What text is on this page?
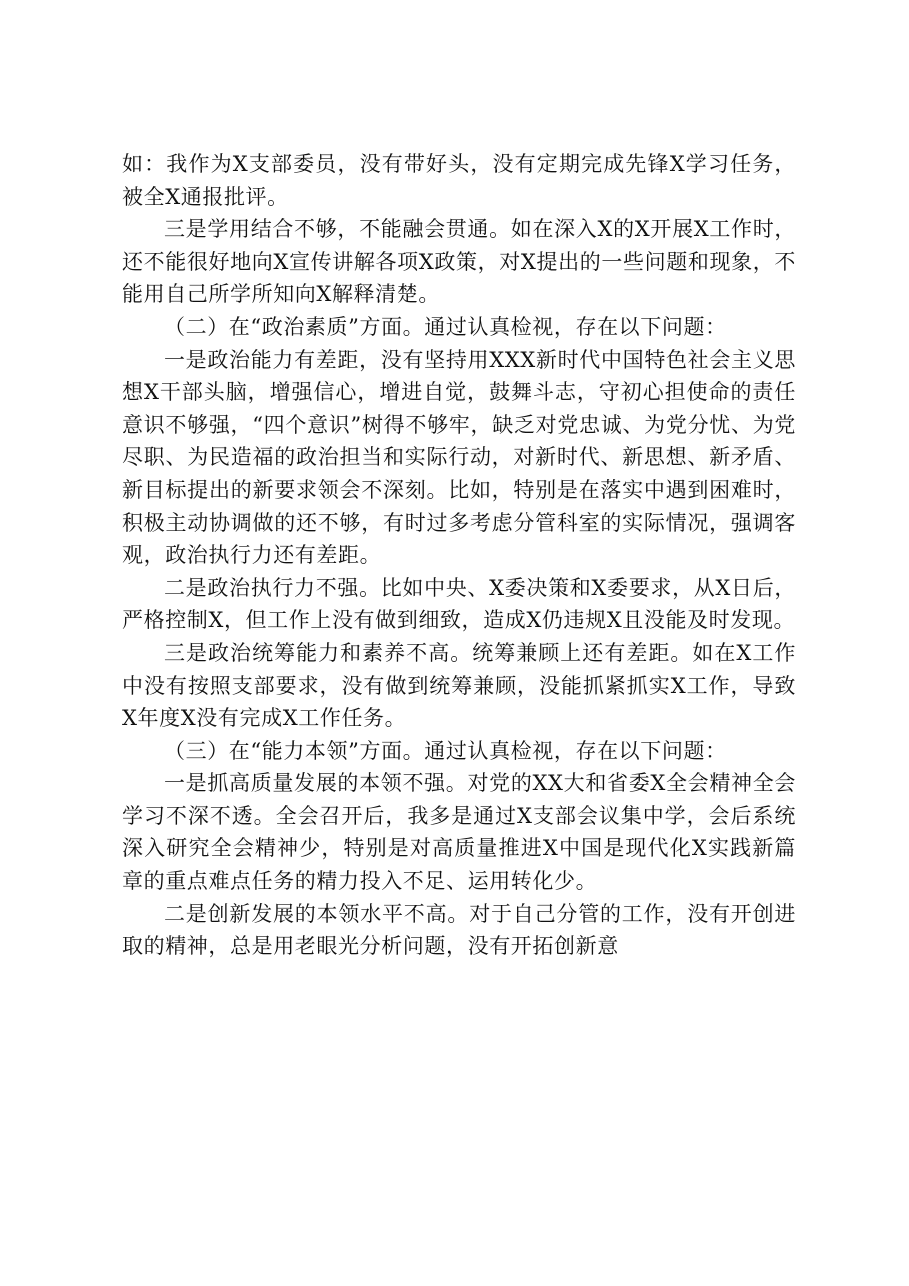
如：我作为X支部委员，没有带好头，没有定期完成先锋X学习任务，被全X通报批评。

三是学用结合不够，不能融会贯通。如在深入X的X开展X工作时，还不能很好地向X宣传讲解各项X政策，对X提出的一些问题和现象，不能用自己所学所知向X解释清楚。

（二）在“政治素质”方面。通过认真检视，存在以下问题：

一是政治能力有差距，没有坚持用XXX新时代中国特色社会主义思想X干部头脑，增强信心，增进自觉，鼓舞斗志，守初心担使命的责任意识不够强，“四个意识”树得不够牢，缺乏对党忠诚、为党分忧、为党尽职、为民造福的政治担当和实际行动，对新时代、新思想、新矛盾、新目标提出的新要求领会不深刻。比如，特别是在落实中遇到困难时，积极主动协调做的还不够，有时过多考虑分管科室的实际情况，强调客观，政治执行力还有差距。

二是政治执行力不强。比如中央、X委决策和X委要求，从X日后，严格控制X，但工作上没有做到细致，造成X仍违规X且没能及时发现。

三是政治统筹能力和素养不高。统筹兼顾上还有差距。如在X工作中没有按照支部要求，没有做到统筹兼顾，没能抓紧抓实X工作，导致X年度X没有完成X工作任务。

（三）在“能力本领”方面。通过认真检视，存在以下问题：

一是抓高质量发展的本领不强。对党的XX大和省委X全会精神全会学习不深不透。全会召开后，我多是通过X支部会议集中学，会后系统深入研究全会精神少，特别是对高质量推进X中国是现代化X实践新篇章的重点难点任务的精力投入不足、运用转化少。

二是创新发展的本领水平不高。对于自己分管的工作，没有开创进取的精神，总是用老眼光分析问题，没有开拓创新意
